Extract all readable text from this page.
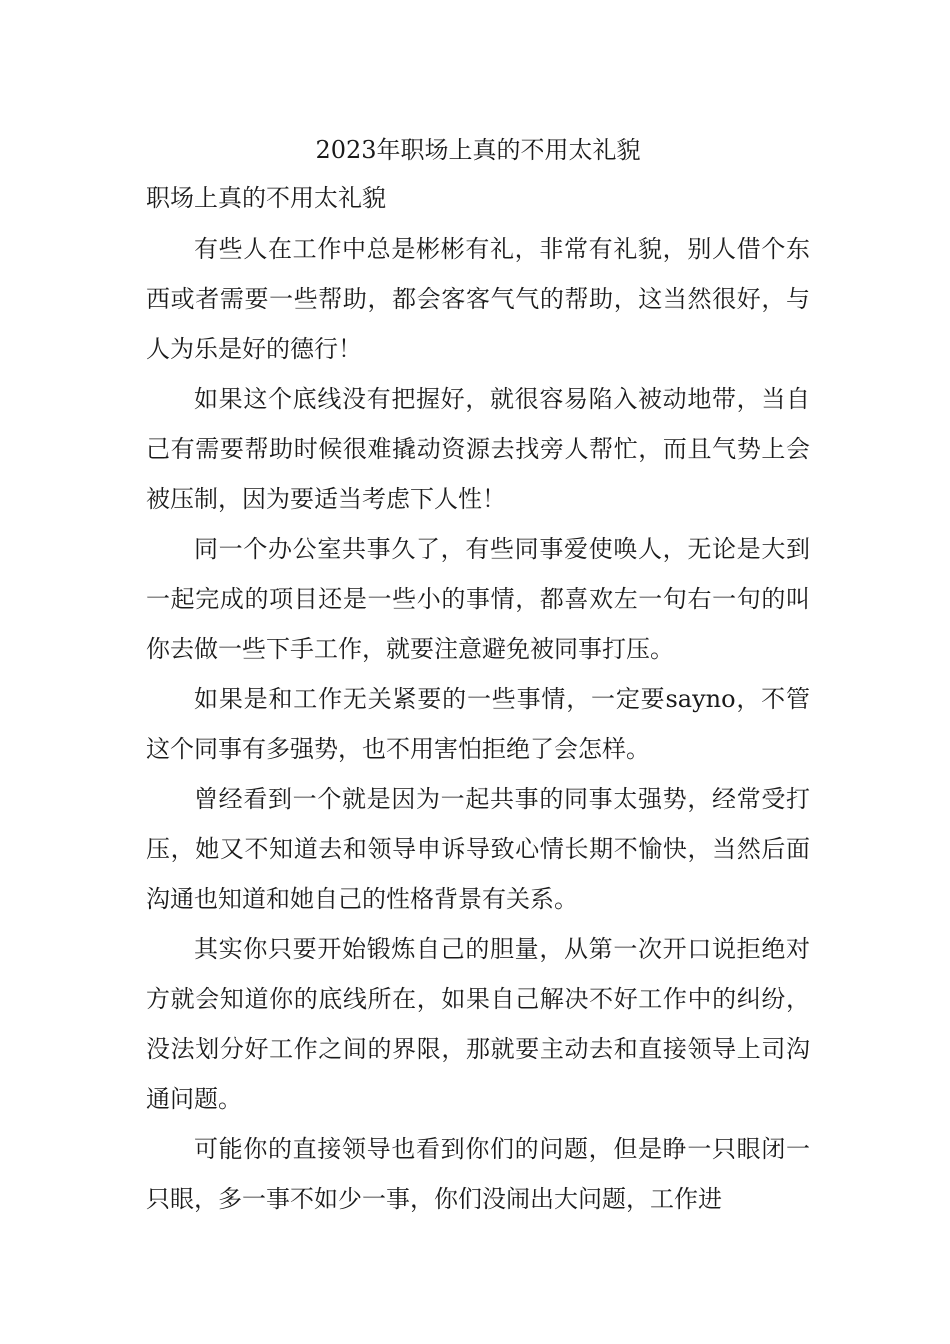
2023年职场上真的不用太礼貌
职场上真的不用太礼貌

有些人在工作中总是彬彬有礼，非常有礼貌，别人借个东西或者需要一些帮助，都会客客气气的帮助，这当然很好，与人为乐是好的德行！

如果这个底线没有把握好，就很容易陷入被动地带，当自己有需要帮助时候很难撬动资源去找旁人帮忙，而且气势上会被压制，因为要适当考虑下人性！

同一个办公室共事久了，有些同事爱使唤人，无论是大到一起完成的项目还是一些小的事情，都喜欢左一句右一句的叫你去做一些下手工作，就要注意避免被同事打压。

如果是和工作无关紧要的一些事情，一定要sayno，不管这个同事有多强势，也不用害怕拒绝了会怎样。

曾经看到一个就是因为一起共事的同事太强势，经常受打压，她又不知道去和领导申诉导致心情长期不愉快，当然后面沟通也知道和她自己的性格背景有关系。

其实你只要开始锻炼自己的胆量，从第一次开口说拒绝对方就会知道你的底线所在，如果自己解决不好工作中的纠纷，没法划分好工作之间的界限，那就要主动去和直接领导上司沟通问题。

可能你的直接领导也看到你们的问题，但是睁一只眼闭一只眼，多一事不如少一事，你们没闹出大问题，工作进
